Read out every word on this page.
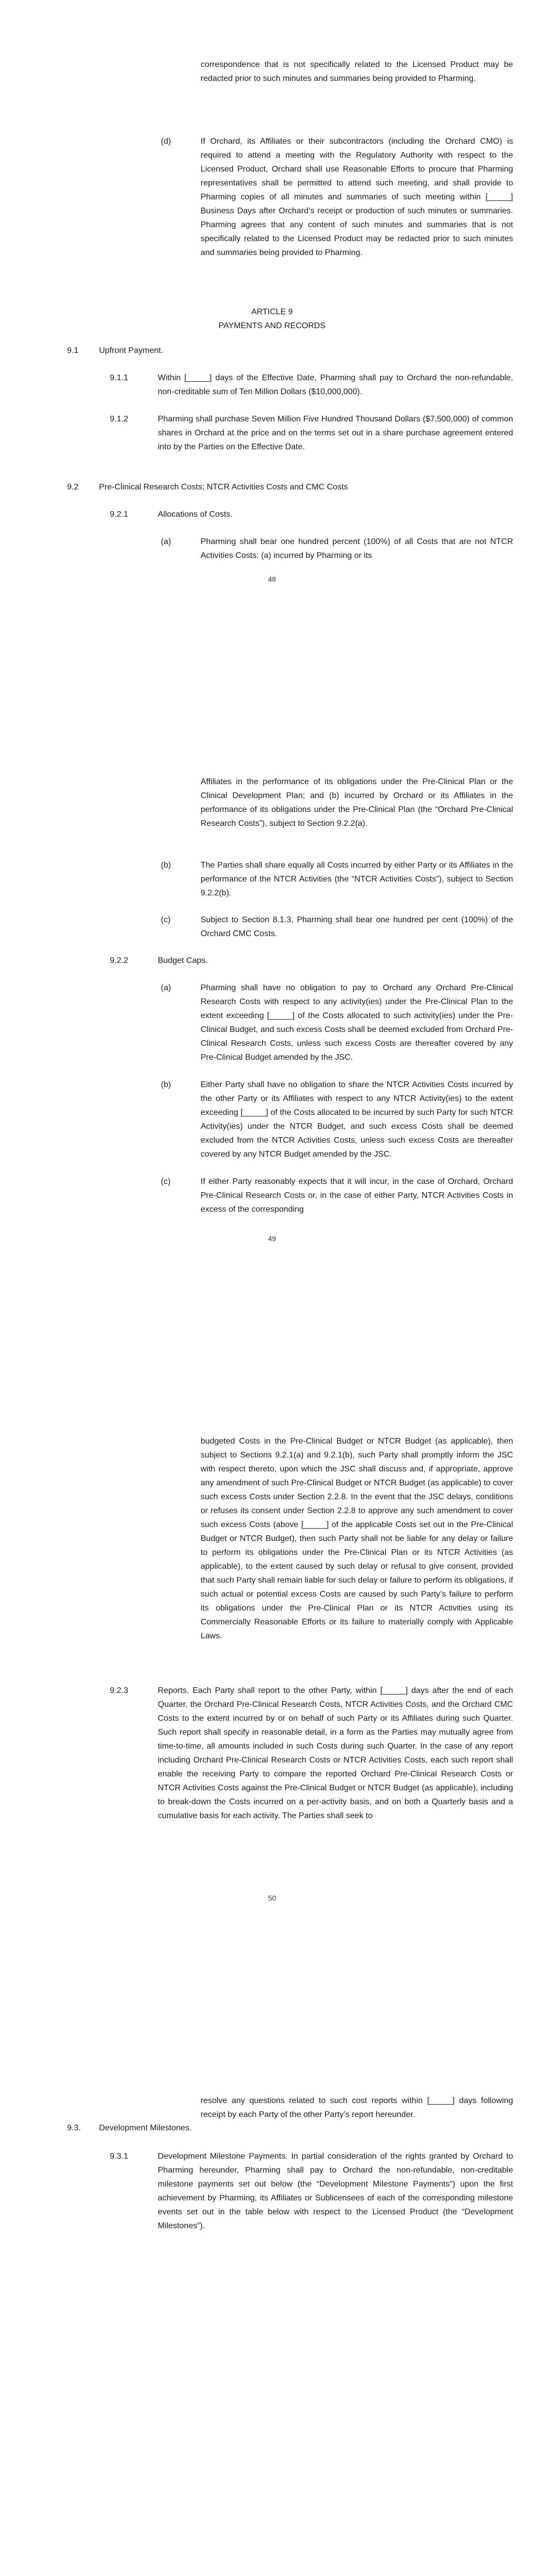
correspondence that is not specifically related to the Licensed Product may be redacted prior to such minutes and summaries being provided to Pharming.

(d)	If Orchard, its Affiliates or their subcontractors (including the Orchard CMO) is required to attend a meeting with the Regulatory Authority with respect to the Licensed Product, Orchard shall use Reasonable Efforts to procure that Pharming representatives shall be permitted to attend such meeting, and shall provide to Pharming copies of all minutes and summaries of such meeting within [_____] Business Days after Orchard’s receipt or production of such minutes or summaries. Pharming agrees that any content of such minutes and summaries that is not specifically related to the Licensed Product may be redacted prior to such minutes and summaries being provided to Pharming.

ARTICLE 9

PAYMENTS AND RECORDS

9.1 Upfront Payment.
9.1.1	Within [_____] days of the Effective Date, Pharming shall pay to Orchard the non-refundable, non-creditable sum of Ten Million Dollars ($10,000,000).

9.1.2	Pharming shall purchase Seven Million Five Hundred Thousand Dollars ($7,500,000) of common shares in Orchard at the price and on the terms set out in a share purchase agreement entered into by the Parties on the Effective Date.

9.2 Pre-Clinical Research Costs; NTCR Activities Costs and CMC Costs
9.2.1	Allocations of Costs.
(a)	Pharming shall bear one hundred percent (100%) of all Costs that are not NTCR Activities Costs: (a) incurred by Pharming or its

48

Affiliates in the performance of its obligations under the Pre-Clinical Plan or the Clinical Development Plan; and (b) incurred by Orchard or its Affiliates in the performance of its obligations under the Pre-Clinical Plan (the “Orchard Pre-Clinical Research Costs”), subject to Section 9.2.2(a).

(b)	The Parties shall share equally all Costs incurred by either Party or its Affiliates in the performance of the NTCR Activities (the “NTCR Activities Costs”), subject to Section 9.2.2(b).

(c)	Subject to Section 8.1.3, Pharming shall bear one hundred per cent (100%) of the Orchard CMC Costs.

9.2.2	Budget Caps.
(a)	Pharming shall have no obligation to pay to Orchard any Orchard Pre-Clinical Research Costs with respect to any activity(ies) under the Pre-Clinical Plan to the extent exceeding [_____] of the Costs allocated to such activity(ies) under the Pre-Clinical Budget, and such excess Costs shall be deemed excluded from Orchard Pre-Clinical Research Costs, unless such excess Costs are thereafter covered by any Pre-Clinical Budget amended by the JSC.

(b)	Either Party shall have no obligation to share the NTCR Activities Costs incurred by the other Party or its Affiliates with respect to any NTCR Activity(ies) to the extent exceeding [_____] of the Costs allocated to be incurred by such Party for such NTCR Activity(ies) under the NTCR Budget, and such excess Costs shall be deemed excluded from the NTCR Activities Costs, unless such excess Costs are thereafter covered by any NTCR Budget amended by the JSC.

(c)	If either Party reasonably expects that it will incur, in the case of Orchard, Orchard Pre-Clinical Research Costs or, in the case of either Party, NTCR Activities Costs in excess of the corresponding

49

budgeted Costs in the Pre-Clinical Budget or NTCR Budget (as applicable), then subject to Sections 9.2.1(a) and 9.2.1(b), such Party shall promptly inform the JSC with respect thereto, upon which the JSC shall discuss and, if appropriate, approve any amendment of such Pre-Clinical Budget or NTCR Budget (as applicable) to cover such excess Costs under Section 2.2.8. In the event that the JSC delays, conditions or refuses its consent under Section 2.2.8 to approve any such amendment to cover such excess Costs (above [_____] of the applicable Costs set out in the Pre-Clinical Budget or NTCR Budget), then such Party shall not be liable for any delay or failure to perform its obligations under the Pre-Clinical Plan or its NTCR Activities (as applicable), to the extent caused by such delay or refusal to give consent, provided that such Party shall remain liable for such delay or failure to perform its obligations, if such actual or potential excess Costs are caused by such Party’s failure to perform its obligations under the Pre-Clinical Plan or its NTCR Activities using its Commercially Reasonable Efforts or its failure to materially comply with Applicable Laws.

9.2.3	Reports. Each Party shall report to the other Party, within [_____] days after the end of each Quarter, the Orchard Pre-Clinical Research Costs, NTCR Activities Costs, and the Orchard CMC Costs to the extent incurred by or on behalf of such Party or its Affiliates during such Quarter. Such report shall specify in reasonable detail, in a form as the Parties may mutually agree from time-to-time, all amounts included in such Costs during such Quarter. In the case of any report including Orchard Pre-Clinical Research Costs or NTCR Activities Costs, each such report shall enable the receiving Party to compare the reported Orchard Pre-Clinical Research Costs or NTCR Activities Costs against the Pre-Clinical Budget or NTCR Budget (as applicable), including to break-down the Costs incurred on a per-activity basis, and on both a Quarterly basis and a cumulative basis for each activity. The Parties shall seek to

50

resolve any questions related to such cost reports within [_____] days following receipt by each Party of the other Party’s report hereunder.

9.3. Development Milestones.
9.3.1	Development Milestone Payments. In partial consideration of the rights granted by Orchard to Pharming hereunder, Pharming shall pay to Orchard the non-refundable, non-creditable milestone payments set out below (the “Development Milestone Payments”) upon the first achievement by Pharming, its Affiliates or Sublicensees of each of the corresponding milestone events set out in the table below with respect to the Licensed Product (the “Development Milestones”).
